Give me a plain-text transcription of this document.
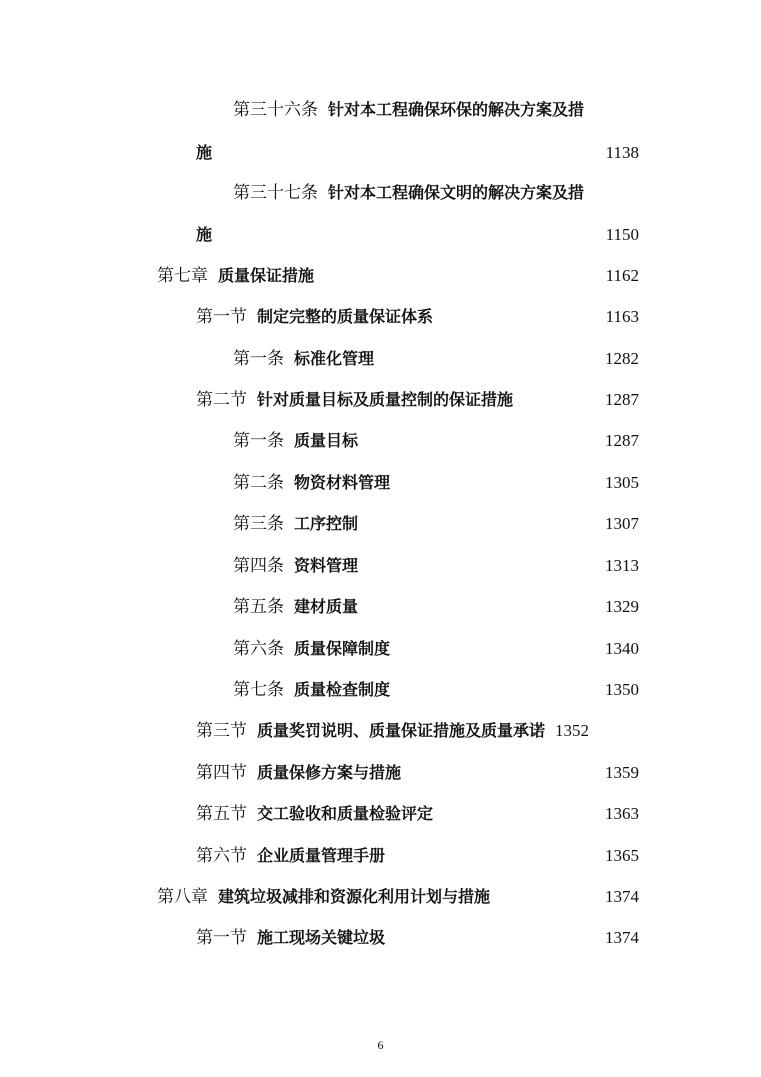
第三十六条 针对本工程确保环保的解决方案及措
施	1138
第三十七条 针对本工程确保文明的解决方案及措
施	1150
第七章 质量保证措施	1162
第一节 制定完整的质量保证体系	1163
第一条 标准化管理	1282
第二节 针对质量目标及质量控制的保证措施	1287
第一条 质量目标	1287
第二条 物资材料管理	1305
第三条 工序控制	1307
第四条 资料管理	1313
第五条 建材质量	1329
第六条 质量保障制度	1340
第七条 质量检查制度	1350
第三节 质量奖罚说明、质量保证措施及质量承诺 1352
第四节 质量保修方案与措施	1359
第五节 交工验收和质量检验评定	1363
第六节 企业质量管理手册	1365
第八章 建筑垃圾减排和资源化利用计划与措施	1374
第一节 施工现场关键垃圾	1374
6
